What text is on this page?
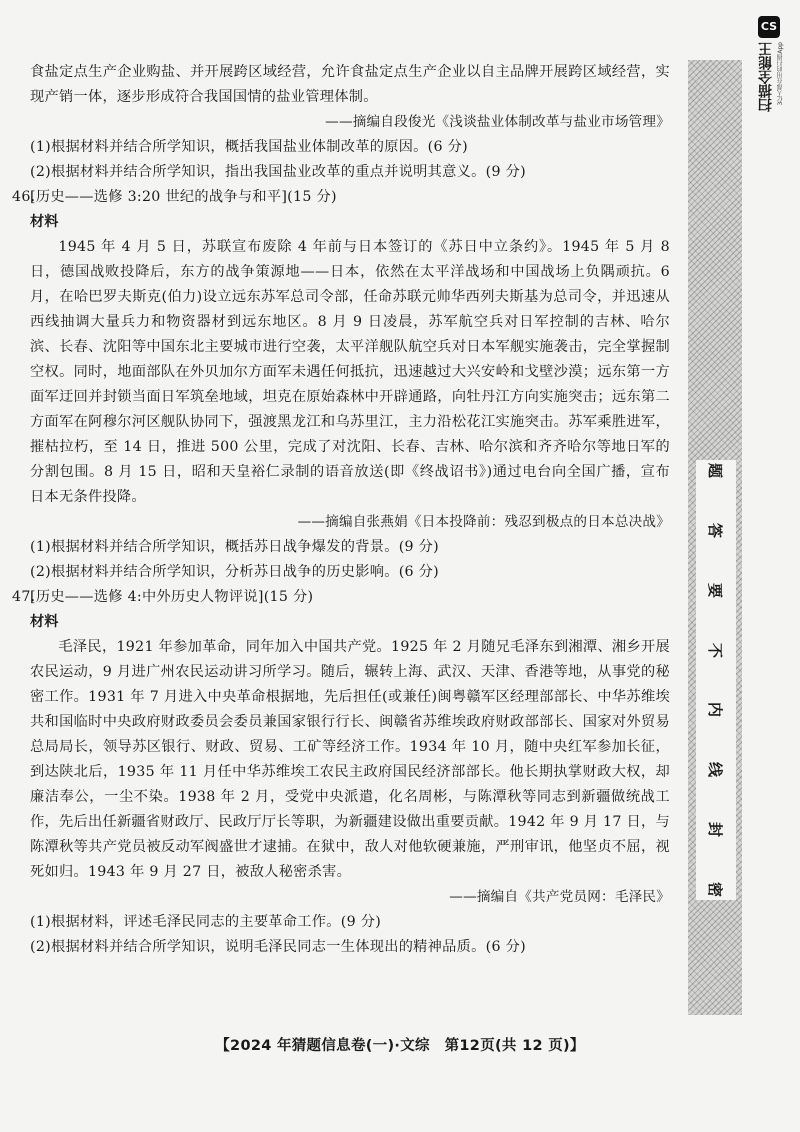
食盐定点生产企业购盐、并开展跨区域经营，允许食盐定点生产企业以自主品牌开展跨区域经营，实现产销一体，逐步形成符合我国国情的盐业管理体制。

——摘编自段俊光《浅谈盐业体制改革与盐业市场管理》

(1)根据材料并结合所学知识，概括我国盐业体制改革的原因。(6 分)

(2)根据材料并结合所学知识，指出我国盐业改革的重点并说明其意义。(9 分)

46.
[历史——选修 3:20 世纪的战争与和平](15 分)

材料

1945 年 4 月 5 日，苏联宣布废除 4 年前与日本签订的《苏日中立条约》。1945 年 5 月 8 日，德国战败投降后，东方的战争策源地——日本，依然在太平洋战场和中国战场上负隅顽抗。6 月，在哈巴罗夫斯克(伯力)设立远东苏军总司令部，任命苏联元帅华西列夫斯基为总司令，并迅速从西线抽调大量兵力和物资器材到远东地区。8 月 9 日凌晨，苏军航空兵对日军控制的吉林、哈尔滨、长春、沈阳等中国东北主要城市进行空袭，太平洋舰队航空兵对日本军舰实施袭击，完全掌握制空权。同时，地面部队在外贝加尔方面军未遇任何抵抗，迅速越过大兴安岭和戈壁沙漠；远东第一方面军迂回并封锁当面日军筑垒地域，坦克在原始森林中开辟通路，向牡丹江方向实施突击；远东第二方面军在阿穆尔河区舰队协同下，强渡黑龙江和乌苏里江，主力沿松花江实施突击。苏军乘胜进军，摧枯拉朽，至 14 日，推进 500 公里，完成了对沈阳、长春、吉林、哈尔滨和齐齐哈尔等地日军的分割包围。8 月 15 日，昭和天皇裕仁录制的语音放送(即《终战诏书》)通过电台向全国广播，宣布日本无条件投降。

——摘编自张燕娟《日本投降前：残忍到极点的日本总决战》

(1)根据材料并结合所学知识，概括苏日战争爆发的背景。(9 分)

(2)根据材料并结合所学知识，分析苏日战争的历史影响。(6 分)

47.
[历史——选修 4:中外历史人物评说](15 分)

材料

毛泽民，1921 年参加革命，同年加入中国共产党。1925 年 2 月随兄毛泽东到湘潭、湘乡开展农民运动，9 月进广州农民运动讲习所学习。随后，辗转上海、武汉、天津、香港等地，从事党的秘密工作。1931 年 7 月进入中央革命根据地，先后担任(或兼任)闽粤赣军区经理部部长、中华苏维埃共和国临时中央政府财政委员会委员兼国家银行行长、闽赣省苏维埃政府财政部部长、国家对外贸易总局局长，领导苏区银行、财政、贸易、工矿等经济工作。1934 年 10 月，随中央红军参加长征，到达陕北后，1935 年 11 月任中华苏维埃工农民主政府国民经济部部长。他长期执掌财政大权，却廉洁奉公，一尘不染。1938 年 2 月，受党中央派遣，化名周彬，与陈潭秋等同志到新疆做统战工作，先后出任新疆省财政厅、民政厅厅长等职，为新疆建设做出重要贡献。1942 年 9 月 17 日，与陈潭秋等共产党员被反动军阀盛世才逮捕。在狱中，敌人对他软硬兼施，严刑审讯，他坚贞不屈，视死如归。1943 年 9 月 27 日，被敌人秘密杀害。

——摘编自《共产党员网：毛泽民》

(1)根据材料，评述毛泽民同志的主要革命工作。(9 分)

(2)根据材料并结合所学知识，说明毛泽民同志一生体现出的精神品质。(6 分)

题
答
要
不
内
线
封
密
CS
扫描全能王 3亿人都在用的扫描App
【2024 年猜题信息卷(一)·文综　第12页(共 12 页)】
